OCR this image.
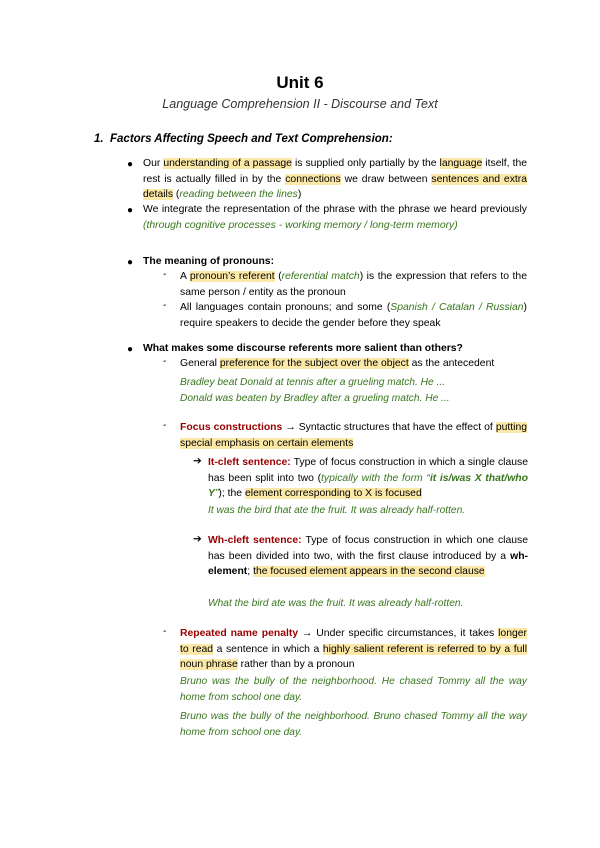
Unit 6
Language Comprehension II - Discourse and Text
1. Factors Affecting Speech and Text Comprehension:
● Our understanding of a passage is supplied only partially by the language itself, the rest is actually filled in by the connections we draw between sentences and extra details (reading between the lines)
● We integrate the representation of the phrase with the phrase we heard previously (through cognitive processes - working memory / long-term memory)
● The meaning of pronouns:
- A pronoun’s referent (referential match) is the expression that refers to the same person / entity as the pronoun
- All languages contain pronouns; and some (Spanish / Catalan / Russian) require speakers to decide the gender before they speak
● What makes some discourse referents more salient than others?
- General preference for the subject over the object as the antecedent
Bradley beat Donald at tennis after a grueling match. He ...
Donald was beaten by Bradley after a grueling match. He ...
- Focus constructions → Syntactic structures that have the effect of putting special emphasis on certain elements
➔ It-cleft sentence: Type of focus construction in which a single clause has been split into two (typically with the form “it is/was X that/who Y”); the element corresponding to X is focused
It was the bird that ate the fruit. It was already half-rotten.
➔ Wh-cleft sentence: Type of focus construction in which one clause has been divided into two, with the first clause introduced by a wh- element; the focused element appears in the second clause
What the bird ate was the fruit. It was already half-rotten.
- Repeated name penalty → Under specific circumstances, it takes longer to read a sentence in which a highly salient referent is referred to by a full noun phrase rather than by a pronoun
Bruno was the bully of the neighborhood. He chased Tommy all the way home from school one day.
Bruno was the bully of the neighborhood. Bruno chased Tommy all the way home from school one day.
